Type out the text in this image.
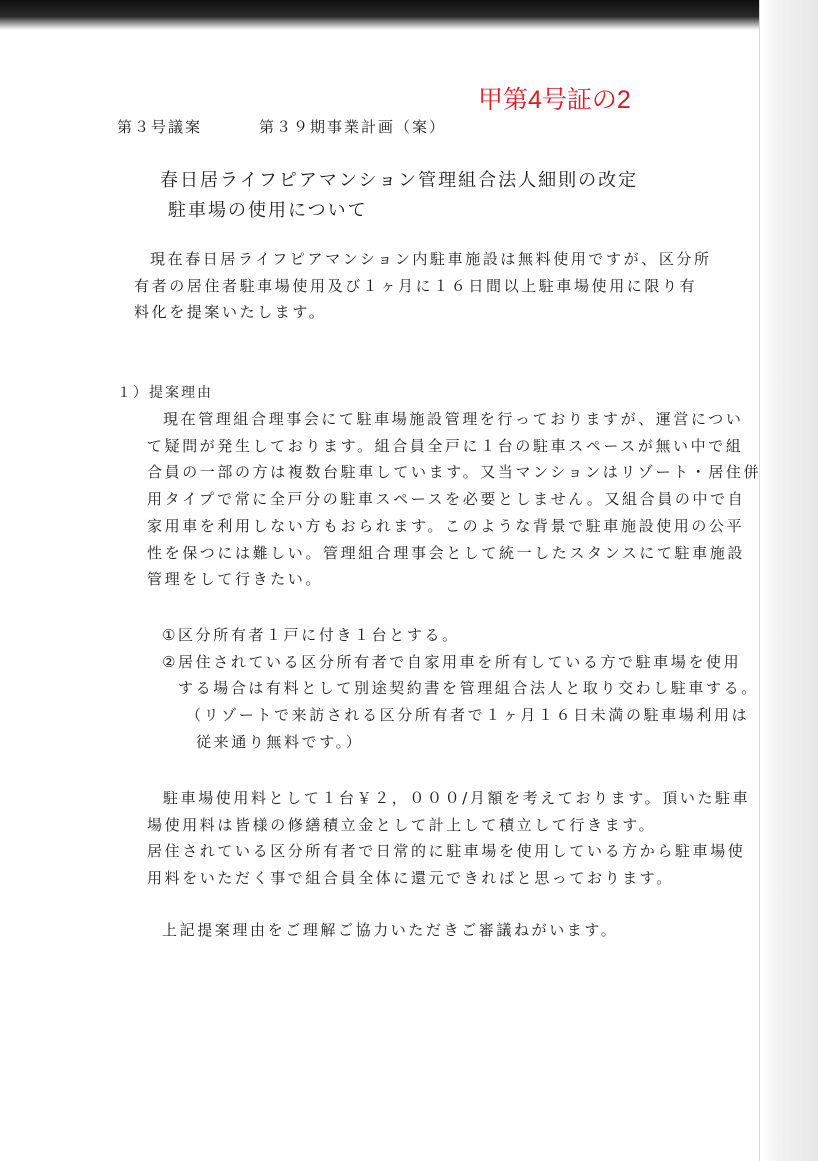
甲第4号証の2
第３号議案	第３９期事業計画（案）
春日居ライフピアマンション管理組合法人細則の改定
駐車場の使用について
現在春日居ライフピアマンション内駐車施設は無料使用ですが、区分所
有者の居住者駐車場使用及び１ヶ月に１６日間以上駐車場使用に限り有
料化を提案いたします。
１）提案理由
現在管理組合理事会にて駐車場施設管理を行っておりますが、運営につい
て疑問が発生しております。組合員全戸に１台の駐車スペースが無い中で組
合員の一部の方は複数台駐車しています。又当マンションはリゾート・居住併
用タイプで常に全戸分の駐車スペースを必要としません。又組合員の中で自
家用車を利用しない方もおられます。このような背景で駐車施設使用の公平
性を保つには難しい。管理組合理事会として統一したスタンスにて駐車施設
管理をして行きたい。
①区分所有者１戸に付き１台とする。
②居住されている区分所有者で自家用車を所有している方で駐車場を使用
する場合は有料として別途契約書を管理組合法人と取り交わし駐車する。
（リゾートで来訪される区分所有者で１ヶ月１６日未満の駐車場利用は
従来通り無料です。）
駐車場使用料として１台￥２，０００/月額を考えております。頂いた駐車
場使用料は皆様の修繕積立金として計上して積立して行きます。
居住されている区分所有者で日常的に駐車場を使用している方から駐車場使
用料をいただく事で組合員全体に還元できればと思っております。
上記提案理由をご理解ご協力いただきご審議ねがいます。
